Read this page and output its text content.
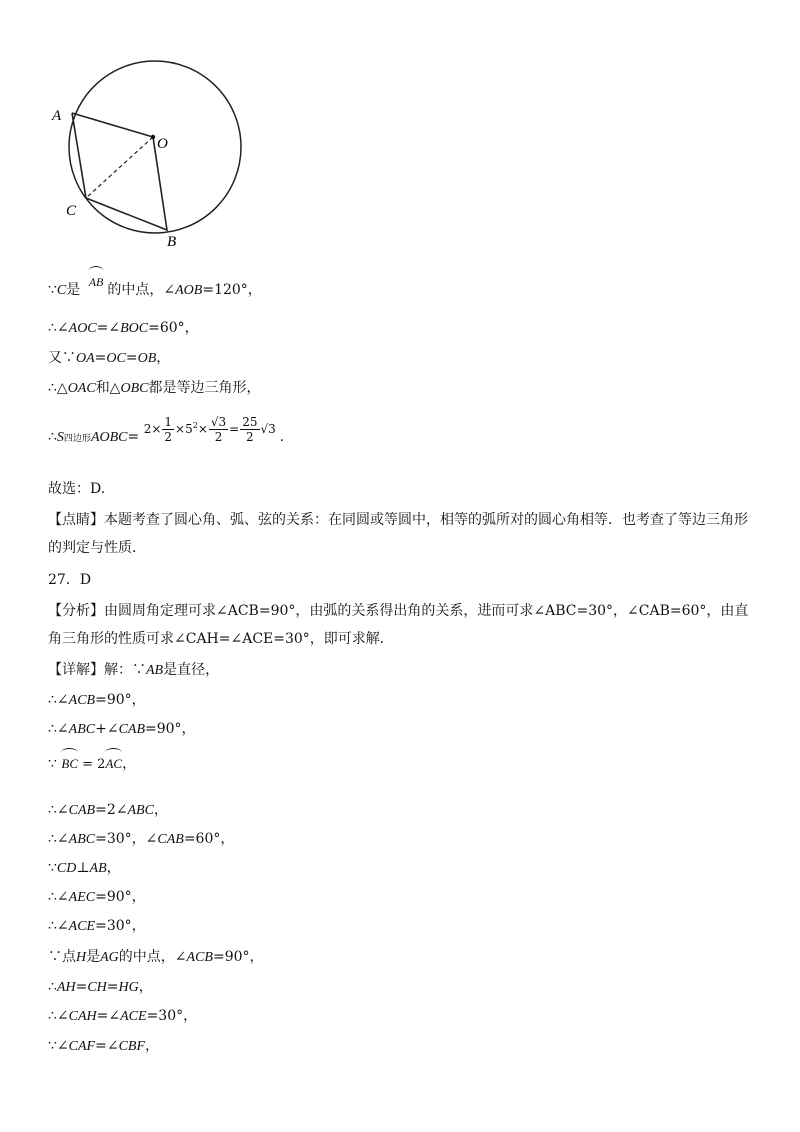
A
O
C
B
∵C是 AB 的中点，∠AOB=120°，
∴∠AOC=∠BOC=60°，
又∵OA=OC=OB，
∴△OAC和△OBC都是等边三角形，
∴S四边形AOBC= $2\times \frac{1}{2} \times 5^2\times \frac{√3}{2} = \frac{25}{2} √3$ .
故选：D.
【点睛】本题考查了圆心角、弧、弦的关系：在同圆或等圆中，相等的弧所对的圆心角相等．也考查了等边三角形的判定与性质．
27．D
【分析】由圆周角定理可求∠ACB=90°，由弧的关系得出角的关系，进而可求∠ABC=30°，∠CAB=60°，由直角三角形的性质可求∠CAH=∠ACE=30°，即可求解．
【详解】解：∵AB是直径，
∴∠ACB=90°，
∴∠ABC+∠CAB=90°，
∵ BC = 2AC，
∴∠CAB=2∠ABC，
∴∠ABC=30°，∠CAB=60°，
∵CD⊥AB，
∴∠AEC=90°，
∴∠ACE=30°，
∵点H是AG的中点，∠ACB=90°，
∴AH=CH=HG，
∴∠CAH=∠ACE=30°，
∵∠CAF=∠CBF，
